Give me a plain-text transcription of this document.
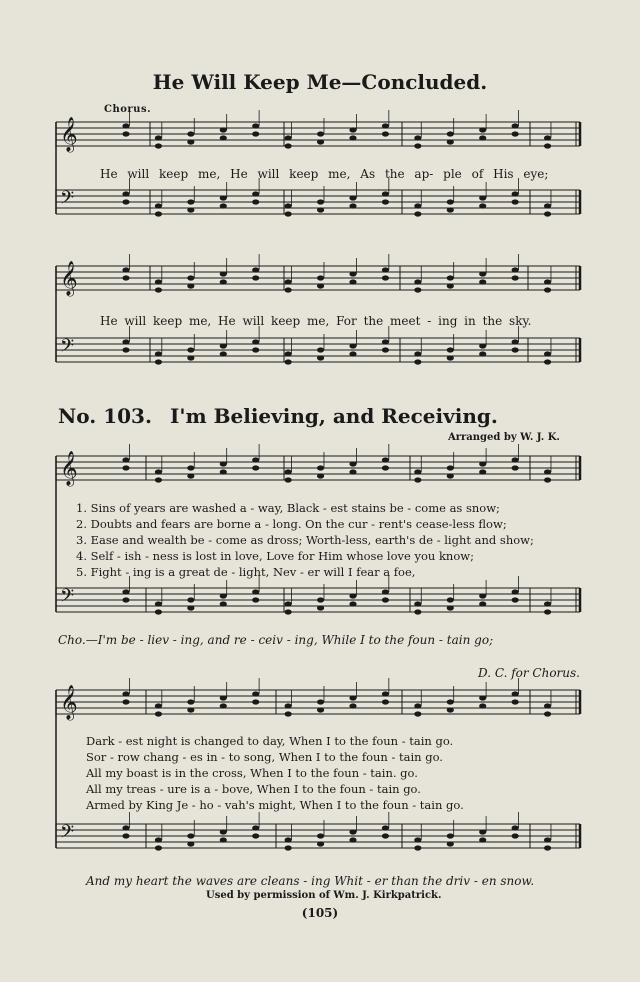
𝄞
𝄢
𝄞
𝄢
𝄞
𝄢
𝄞
𝄢
He Will Keep Me—Concluded.
Chorus.
He will keep me, He will keep me, As the ap- ple of His eye;
He will keep me, He will keep me, For the meet - ing in the sky.
No. 103. I'm Believing, and Receiving.
Arranged by W. J. K.
1. Sins of years are washed a - way, Black - est stains be - come as snow;
2. Doubts and fears are borne a - long. On the cur - rent's cease-less flow;
3. Ease and wealth be - come as dross; Worth-less, earth's de - light and show;
4. Self - ish - ness is lost in love, Love for Him whose love you know;
5. Fight - ing is a great de - light, Nev - er will I fear a foe,
Cho.—I'm be - liev - ing, and re - ceiv - ing, While I to the foun - tain go;
D. C. for Chorus.
Dark - est night is changed to day, When I to the foun - tain go.
Sor - row chang - es in - to song, When I to the foun - tain go.
All my boast is in the cross, When I to the foun - tain. go.
All my treas - ure is a - bove, When I to the foun - tain go.
Armed by King Je - ho - vah's might, When I to the foun - tain go.
And my heart the waves are cleans - ing Whit - er than the driv - en snow.
Used by permission of Wm. J. Kirkpatrick.
(105)
